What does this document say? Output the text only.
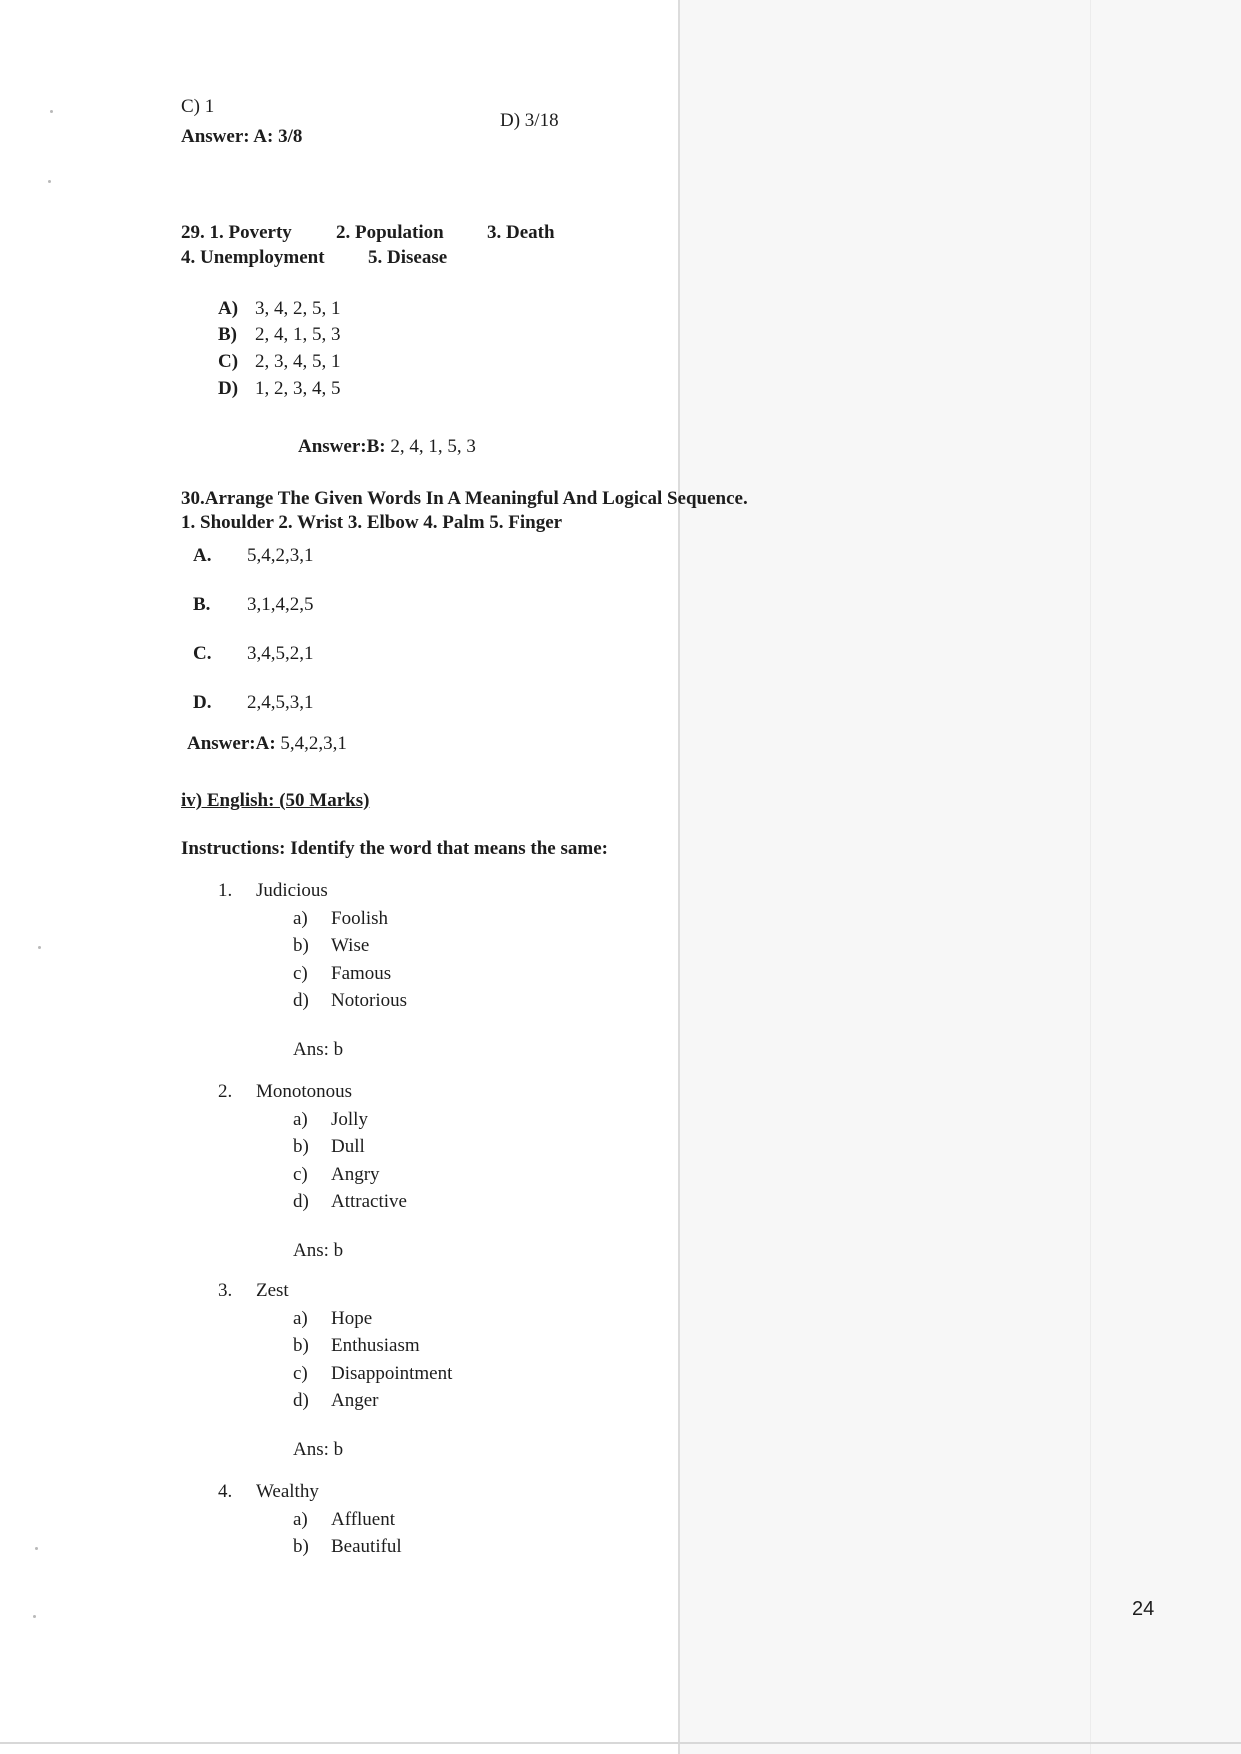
C) 1
D) 3/18
Answer: A: 3/8
29. 1. Poverty 2. Population 3. Death
4. Unemployment 5. Disease
A) 3, 4, 2, 5, 1
B) 2, 4, 1, 5, 3
C) 2, 3, 4, 5, 1
D) 1, 2, 3, 4, 5
Answer:B: 2, 4, 1, 5, 3
30.Arrange The Given Words In A Meaningful And Logical Sequence.
1. Shoulder 2. Wrist 3. Elbow 4. Palm 5. Finger
A. 5,4,2,3,1
B. 3,1,4,2,5
C. 3,4,5,2,1
D. 2,4,5,3,1
Answer:A: 5,4,2,3,1
iv) English: (50 Marks)
Instructions: Identify the word that means the same:
1. Judicious
a) Foolish
b) Wise
c) Famous
d) Notorious
Ans: b
2. Monotonous
a) Jolly
b) Dull
c) Angry
d) Attractive
Ans: b
3. Zest
a) Hope
b) Enthusiasm
c) Disappointment
d) Anger
Ans: b
4. Wealthy
a) Affluent
b) Beautiful
24
